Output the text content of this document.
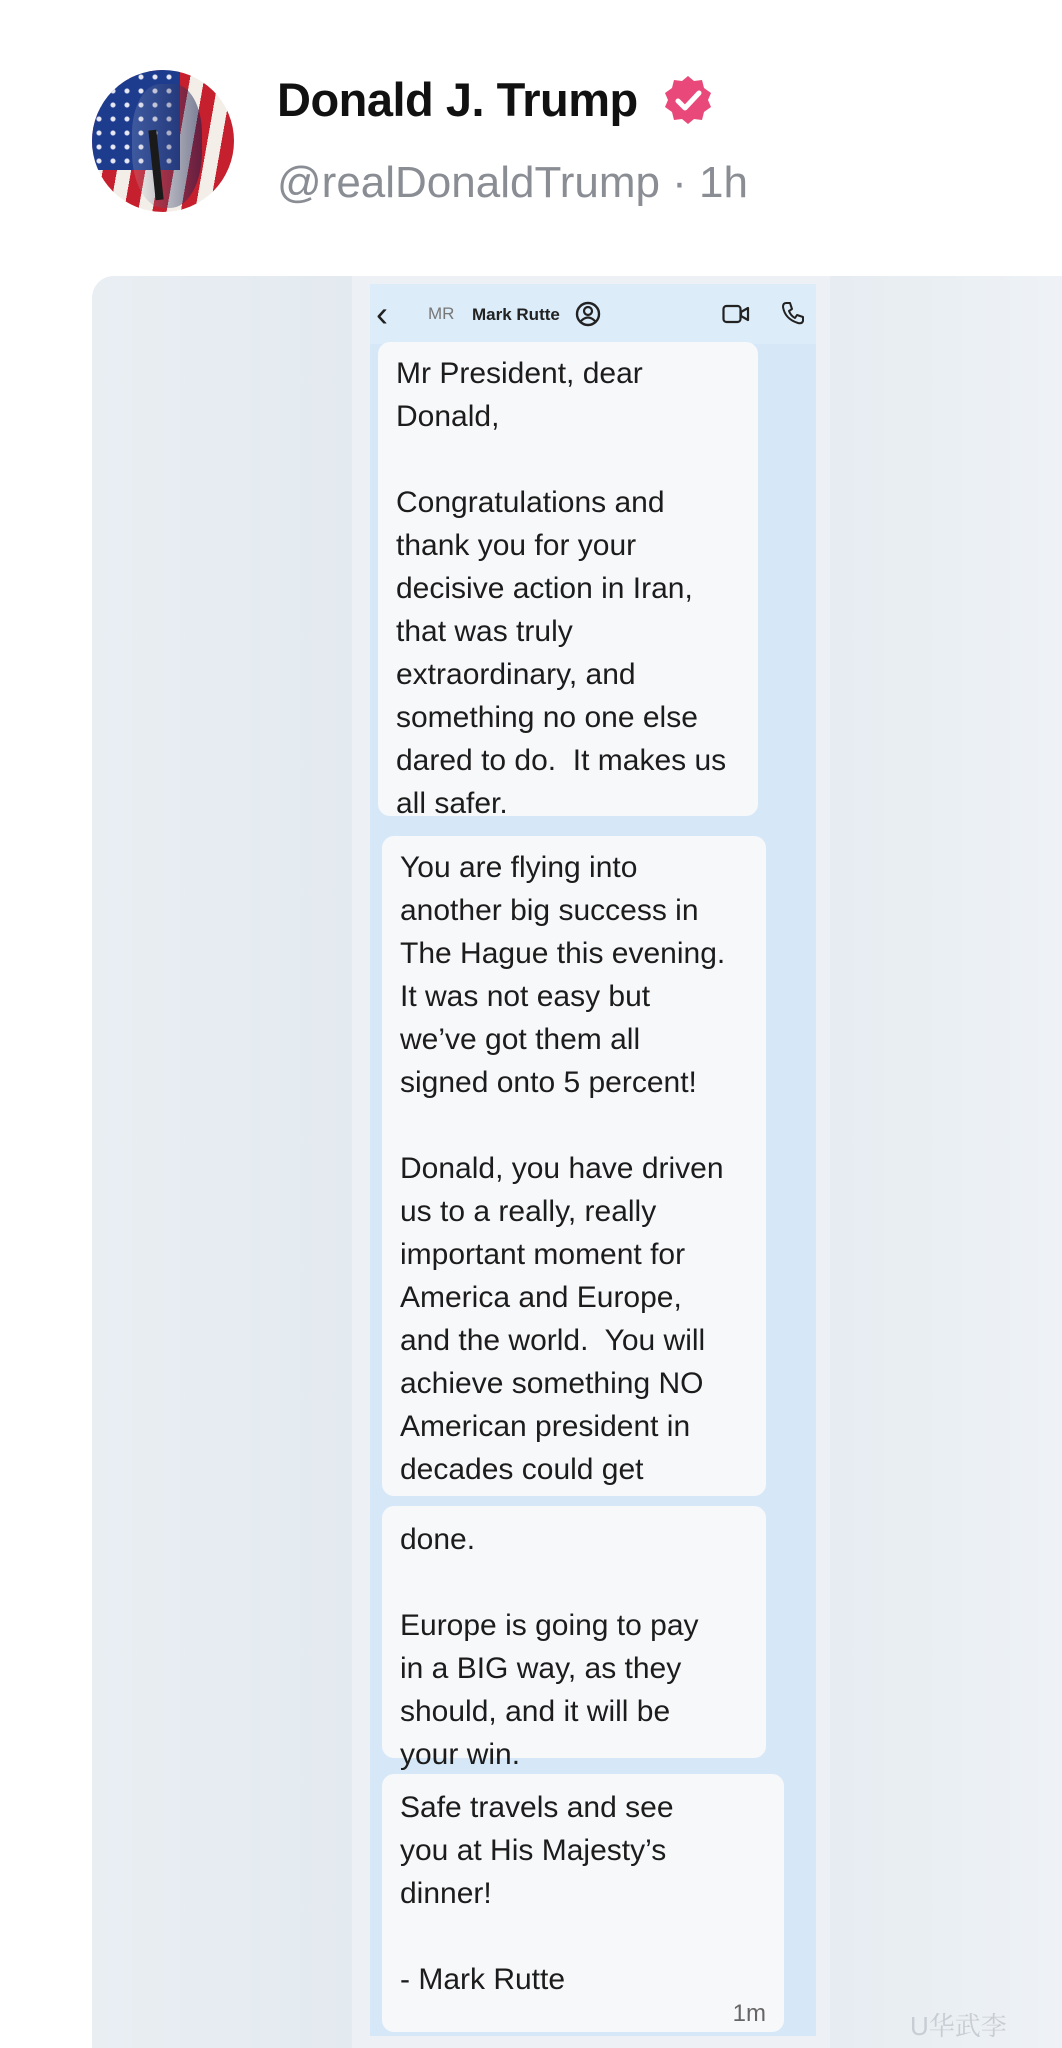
Donald J. Trump
@realDonaldTrump · 1h
‹	MR Mark Rutte

Mr President, dear
Donald,

Congratulations and
thank you for your
decisive action in Iran,
that was truly
extraordinary, and
something no one else
dared to do.  It makes us
all safer.

You are flying into
another big success in
The Hague this evening.
It was not easy but
we’ve got them all
signed onto 5 percent!

Donald, you have driven
us to a really, really
important moment for
America and Europe,
and the world.  You will
achieve something NO
American president in
decades could get

done.

Europe is going to pay
in a BIG way, as they
should, and it will be
your win.

Safe travels and see
you at His Majesty’s
dinner!

- Mark Rutte

1m	U华武李
